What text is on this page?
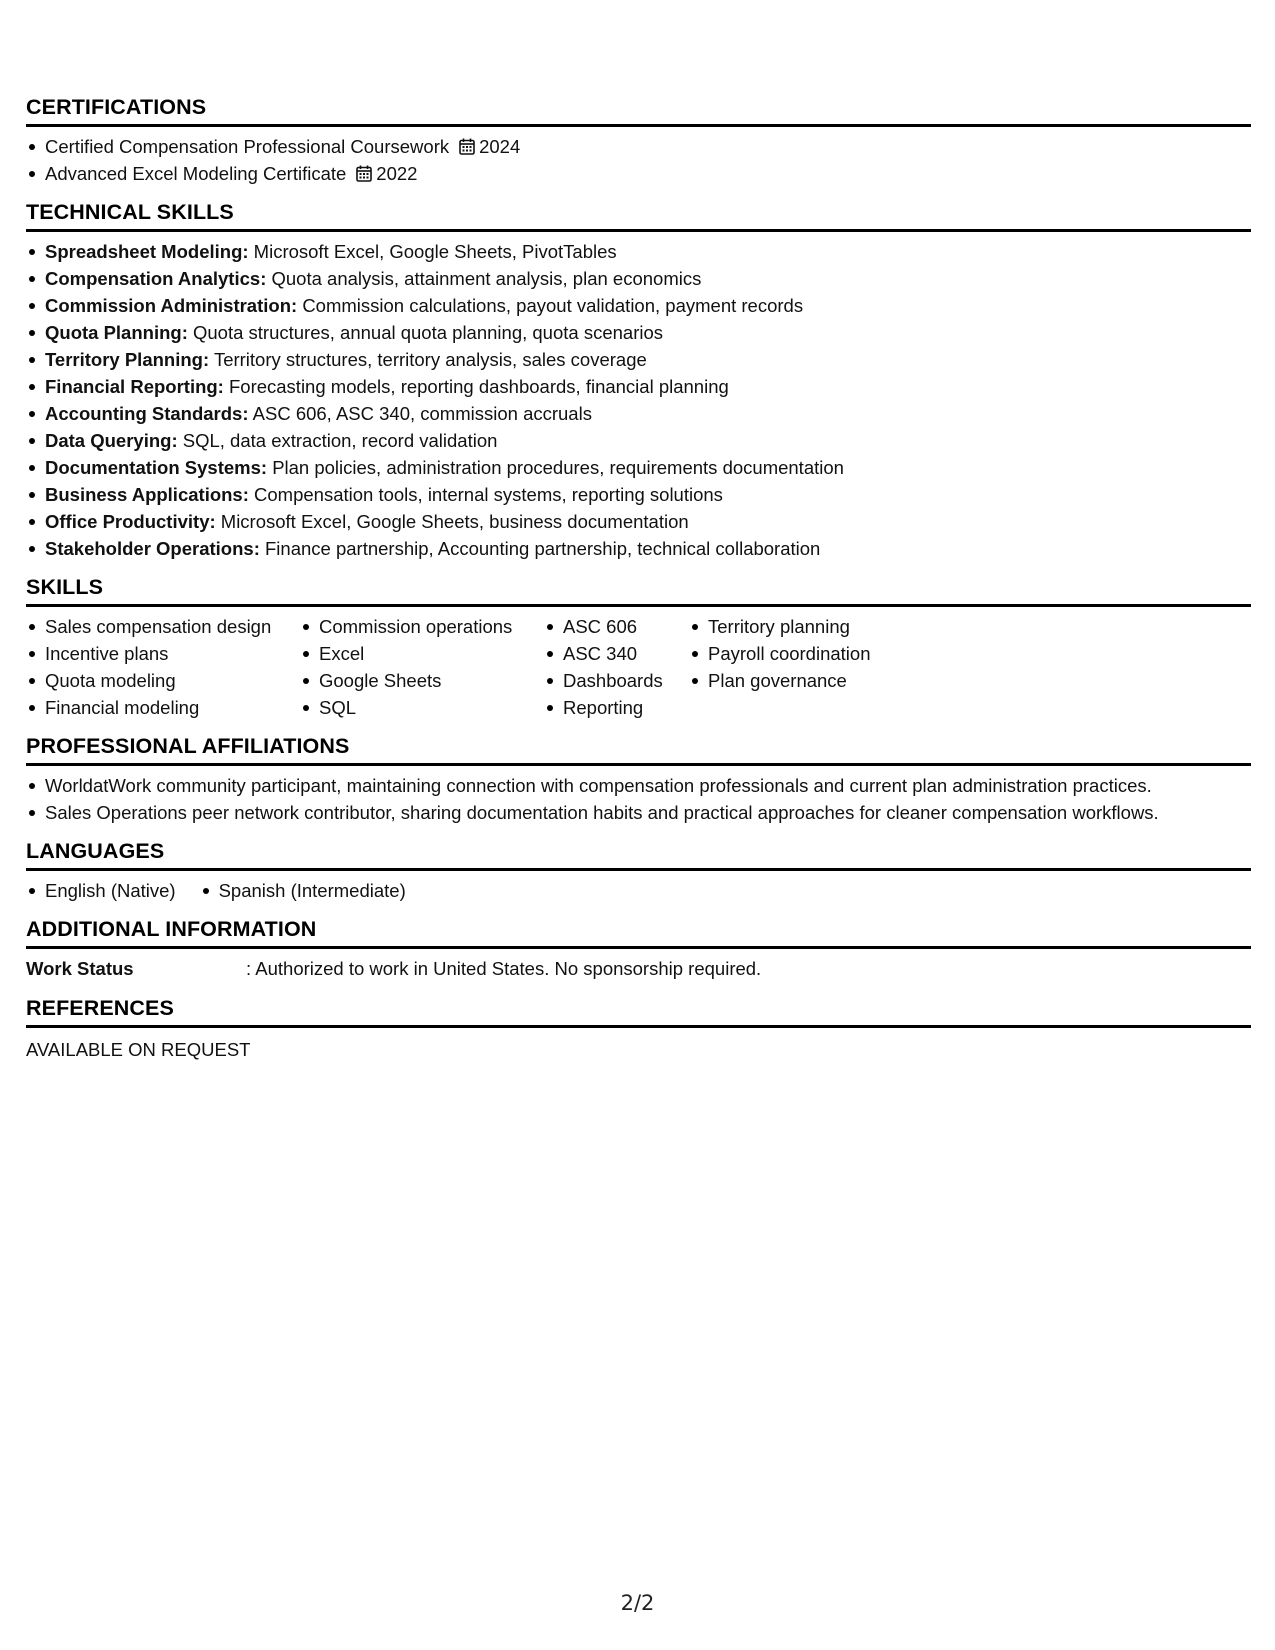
CERTIFICATIONS
Certified Compensation Professional Coursework 2024
Advanced Excel Modeling Certificate 2022
TECHNICAL SKILLS
Spreadsheet Modeling: Microsoft Excel, Google Sheets, PivotTables
Compensation Analytics: Quota analysis, attainment analysis, plan economics
Commission Administration: Commission calculations, payout validation, payment records
Quota Planning: Quota structures, annual quota planning, quota scenarios
Territory Planning: Territory structures, territory analysis, sales coverage
Financial Reporting: Forecasting models, reporting dashboards, financial planning
Accounting Standards: ASC 606, ASC 340, commission accruals
Data Querying: SQL, data extraction, record validation
Documentation Systems: Plan policies, administration procedures, requirements documentation
Business Applications: Compensation tools, internal systems, reporting solutions
Office Productivity: Microsoft Excel, Google Sheets, business documentation
Stakeholder Operations: Finance partnership, Accounting partnership, technical collaboration
SKILLS
Sales compensation design
Incentive plans
Quota modeling
Financial modeling
Commission operations
Excel
Google Sheets
SQL
ASC 606
ASC 340
Dashboards
Reporting
Territory planning
Payroll coordination
Plan governance
PROFESSIONAL AFFILIATIONS
WorldatWork community participant, maintaining connection with compensation professionals and current plan administration practices.
Sales Operations peer network contributor, sharing documentation habits and practical approaches for cleaner compensation workflows.
LANGUAGES
English (Native)	Spanish (Intermediate)
ADDITIONAL INFORMATION
Work Status	: Authorized to work in United States. No sponsorship required.
REFERENCES
AVAILABLE ON REQUEST
2/2
